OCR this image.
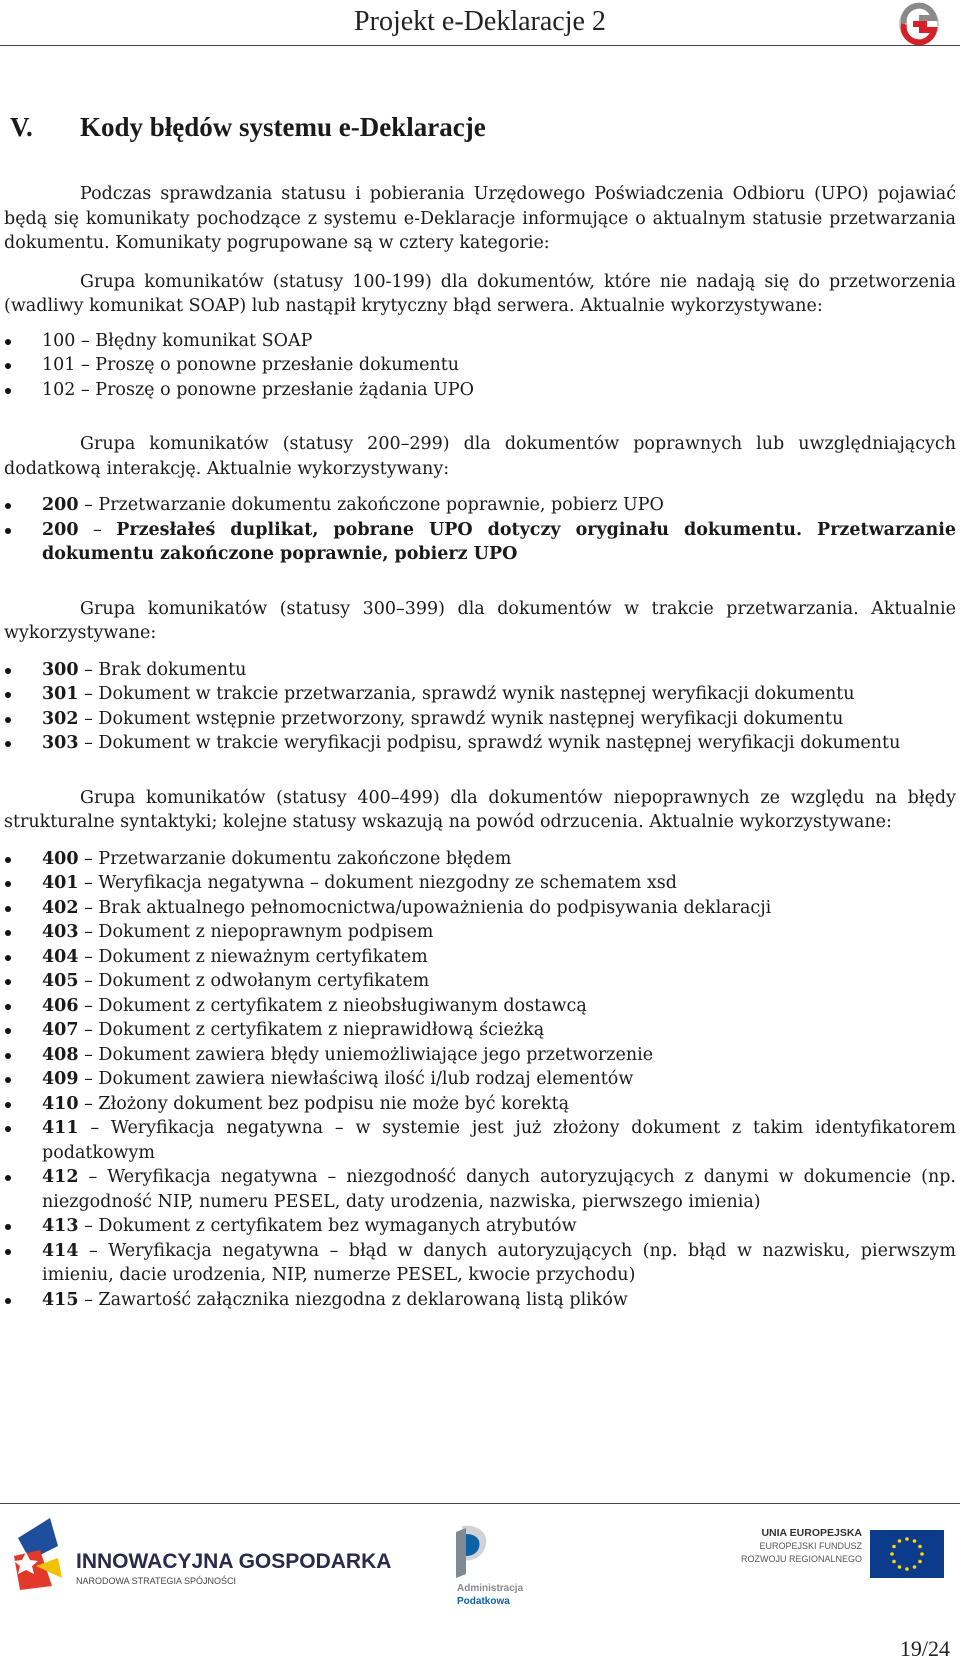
Projekt e-Deklaracje 2
V. Kody błędów systemu e-Deklaracje

Podczas sprawdzania statusu i pobierania Urzędowego Poświadczenia Odbioru (UPO) pojawiać będą się komunikaty pochodzące z systemu e-Deklaracje informujące o aktualnym statusie przetwarzania dokumentu. Komunikaty pogrupowane są w cztery kategorie:

Grupa komunikatów (statusy 100-199) dla dokumentów, które nie nadają się do przetworzenia (wadliwy komunikat SOAP) lub nastąpił krytyczny błąd serwera. Aktualnie wykorzystywane:

100 – Błędny komunikat SOAP
101 – Proszę o ponowne przesłanie dokumentu
102 – Proszę o ponowne przesłanie żądania UPO

Grupa komunikatów (statusy 200–299) dla dokumentów poprawnych lub uwzględniających dodatkową interakcję. Aktualnie wykorzystywany:

200 – Przetwarzanie dokumentu zakończone poprawnie, pobierz UPO
200 – Przesłałeś duplikat, pobrane UPO dotyczy oryginału dokumentu. Przetwarzanie dokumentu zakończone poprawnie, pobierz UPO

Grupa komunikatów (statusy 300–399) dla dokumentów w trakcie przetwarzania. Aktualnie wykorzystywane:

300 – Brak dokumentu
301 – Dokument w trakcie przetwarzania, sprawdź wynik następnej weryfikacji dokumentu
302 – Dokument wstępnie przetworzony, sprawdź wynik następnej weryfikacji dokumentu
303 – Dokument w trakcie weryfikacji podpisu, sprawdź wynik następnej weryfikacji dokumentu

Grupa komunikatów (statusy 400–499) dla dokumentów niepoprawnych ze względu na błędy strukturalne syntaktyki; kolejne statusy wskazują na powód odrzucenia. Aktualnie wykorzystywane:

400 – Przetwarzanie dokumentu zakończone błędem
401 – Weryfikacja negatywna – dokument niezgodny ze schematem xsd
402 – Brak aktualnego pełnomocnictwa/upoważnienia do podpisywania deklaracji
403 – Dokument z niepoprawnym podpisem
404 – Dokument z nieważnym certyfikatem
405 – Dokument z odwołanym certyfikatem
406 – Dokument z certyfikatem z nieobsługiwanym dostawcą
407 – Dokument z certyfikatem z nieprawidłową ścieżką
408 – Dokument zawiera błędy uniemożliwiające jego przetworzenie
409 – Dokument zawiera niewłaściwą ilość i/lub rodzaj elementów
410 – Złożony dokument bez podpisu nie może być korektą
411 – Weryfikacja negatywna – w systemie jest już złożony dokument z takim identyfikatorem podatkowym
412 – Weryfikacja negatywna – niezgodność danych autoryzujących z danymi w dokumencie (np. niezgodność NIP, numeru PESEL, daty urodzenia, nazwiska, pierwszego imienia)
413 – Dokument z certyfikatem bez wymaganych atrybutów
414 – Weryfikacja negatywna – błąd w danych autoryzujących (np. błąd w nazwisku, pierwszym imieniu, dacie urodzenia, NIP, numerze PESEL, kwocie przychodu)
415 – Zawartość załącznika niezgodna z deklarowaną listą plików
INNOWACYJNA GOSPODARKA
NARODOWA STRATEGIA SPÓJNOŚCI
Administracja
Podatkowa
UNIA EUROPEJSKA
EUROPEJSKI FUNDUSZ
ROZWOJU REGIONALNEGO
19/24
